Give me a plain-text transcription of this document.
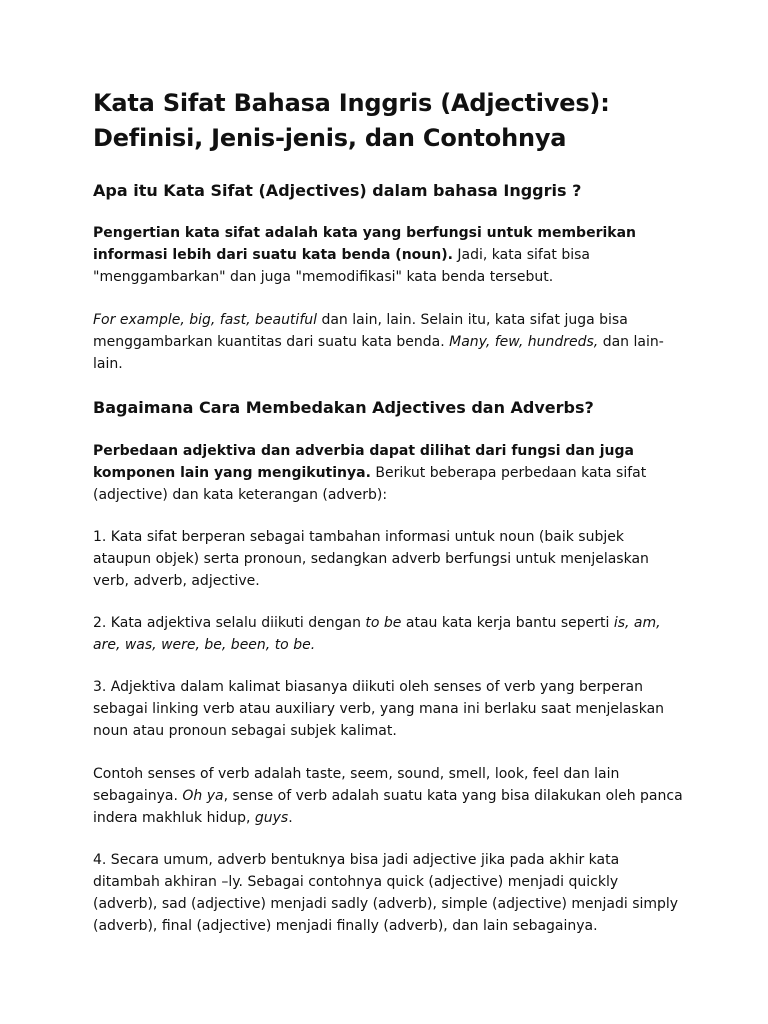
Kata Sifat Bahasa Inggris (Adjectives): Definisi, Jenis-jenis, dan Contohnya
Apa itu Kata Sifat (Adjectives) dalam bahasa Inggris ?

Pengertian kata sifat adalah kata yang berfungsi untuk memberikan informasi lebih dari suatu kata benda (noun). Jadi, kata sifat bisa "menggambarkan" dan juga "memodifikasi" kata benda tersebut.

For example, big, fast, beautiful dan lain, lain. Selain itu, kata sifat juga bisa menggambarkan kuantitas dari suatu kata benda. Many, few, hundreds, dan lain-lain.

Bagaimana Cara Membedakan Adjectives dan Adverbs?

Perbedaan adjektiva dan adverbia dapat dilihat dari fungsi dan juga komponen lain yang mengikutinya. Berikut beberapa perbedaan kata sifat (adjective) dan kata keterangan (adverb):

1. Kata sifat berperan sebagai tambahan informasi untuk noun (baik subjek ataupun objek) serta pronoun, sedangkan adverb berfungsi untuk menjelaskan verb, adverb, adjective.

2. Kata adjektiva selalu diikuti dengan to be atau kata kerja bantu seperti is, am, are, was, were, be, been, to be.

3. Adjektiva dalam kalimat biasanya diikuti oleh senses of verb yang berperan sebagai linking verb atau auxiliary verb, yang mana ini berlaku saat menjelaskan noun atau pronoun sebagai subjek kalimat.

Contoh senses of verb adalah taste, seem, sound, smell, look, feel dan lain sebagainya. Oh ya, sense of verb adalah suatu kata yang bisa dilakukan oleh panca indera makhluk hidup, guys.

4. Secara umum, adverb bentuknya bisa jadi adjective jika pada akhir kata ditambah akhiran –ly. Sebagai contohnya quick (adjective) menjadi quickly (adverb), sad (adjective) menjadi sadly (adverb), simple (adjective) menjadi simply (adverb), final (adjective) menjadi finally (adverb), dan lain sebagainya.
